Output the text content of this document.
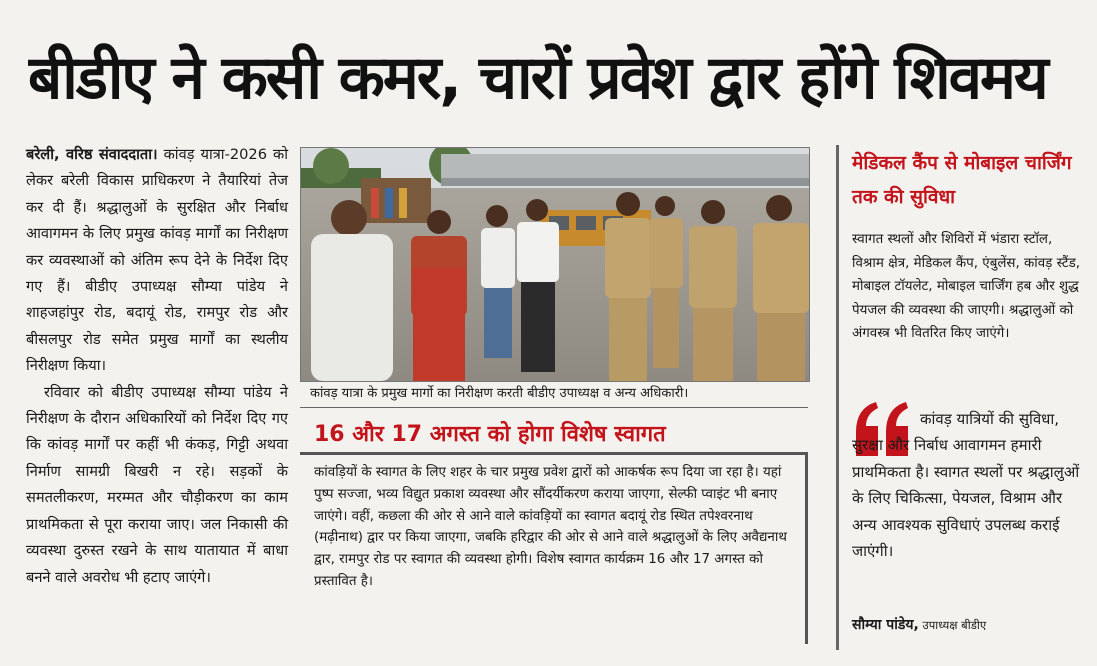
बीडीए ने कसी कमर, चारों प्रवेश द्वार होंगे शिवमय

बरेली, वरिष्ठ संवाददाता। कांवड़ यात्रा-2026 को लेकर बरेली विकास प्राधिकरण ने तैयारियां तेज कर दी हैं। श्रद्धालुओं के सुरक्षित और निर्बाध आवागमन के लिए प्रमुख कांवड़ मार्गों का निरीक्षण कर व्यवस्थाओं को अंतिम रूप देने के निर्देश दिए गए हैं। बीडीए उपाध्यक्ष सौम्या पांडेय ने शाहजहांपुर रोड, बदायूं रोड, रामपुर रोड और बीसलपुर रोड समेत प्रमुख मार्गों का स्थलीय निरीक्षण किया।

रविवार को बीडीए उपाध्यक्ष सौम्या पांडेय ने निरीक्षण के दौरान अधिकारियों को निर्देश दिए गए कि कांवड़ मार्गों पर कहीं भी कंकड़, गिट्टी अथवा निर्माण सामग्री बिखरी न रहे। सड़कों के समतलीकरण, मरम्मत और चौड़ीकरण का काम प्राथमिकता से पूरा कराया जाए। जल निकासी की व्यवस्था दुरुस्त रखने के साथ यातायात में बाधा बनने वाले अवरोध भी हटाए जाएंगे।

कांवड़ यात्रा के प्रमुख मार्गो का निरीक्षण करती बीडीए उपाध्यक्ष व अन्य अधिकारी।
16 और 17 अगस्त को होगा विशेष स्वागत
कांवड़ियों के स्वागत के लिए शहर के चार प्रमुख प्रवेश द्वारों को आकर्षक रूप दिया जा रहा है। यहां पुष्प सज्जा, भव्य विद्युत प्रकाश व्यवस्था और सौंदर्यीकरण कराया जाएगा, सेल्फी प्वाइंट भी बनाए जाएंगे। वहीं, कछला की ओर से आने वाले कांवड़ियों का स्वागत बदायूं रोड स्थित तपेश्वरनाथ (मढ़ीनाथ) द्वार पर किया जाएगा, जबकि हरिद्वार की ओर से आने वाले श्रद्धालुओं के लिए अवैद्यनाथ द्वार, रामपुर रोड पर स्वागत की व्यवस्था होगी। विशेष स्वागत कार्यक्रम 16 और 17 अगस्त को प्रस्तावित है।
मेडिकल कैंप से मोबाइल चार्जिंग तक की सुविधा
स्वागत स्थलों और शिविरों में भंडारा स्टॉल, विश्राम क्षेत्र, मेडिकल कैंप, एंबुलेंस, कांवड़ स्टैंड, मोबाइल टॉयलेट, मोबाइल चार्जिंग हब और शुद्ध पेयजल की व्यवस्था की जाएगी। श्रद्धालुओं को अंगवस्त्र भी वितरित किए जाएंगे।
कांवड़ यात्रियों की सुविधा, सुरक्षा और निर्बाध आवागमन हमारी प्राथमिकता है। स्वागत स्थलों पर श्रद्धालुओं के लिए चिकित्सा, पेयजल, विश्राम और अन्य आवश्यक सुविधाएं उपलब्ध कराई जाएंगी।
सौम्या पांडेय, उपाध्यक्ष बीडीए
